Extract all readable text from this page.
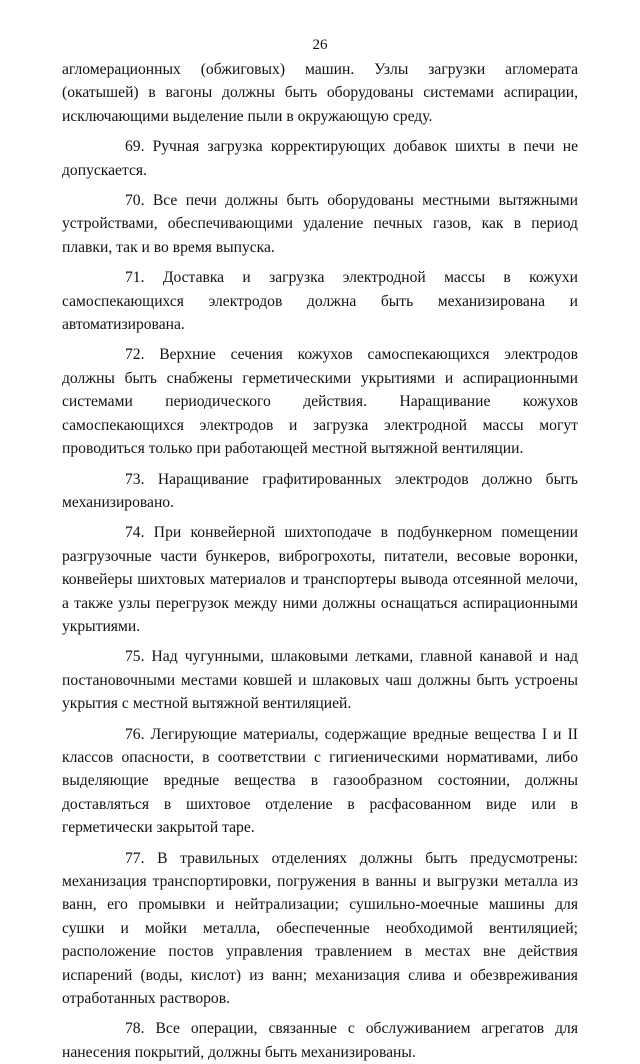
26
агломерационных (обжиговых) машин. Узлы загрузки агломерата (окатышей) в вагоны должны быть оборудованы системами аспирации, исключающими выделение пыли в окружающую среду.
69. Ручная загрузка корректирующих добавок шихты в печи не допускается.
70. Все печи должны быть оборудованы местными вытяжными устройствами, обеспечивающими удаление печных газов, как в период плавки, так и во время выпуска.
71. Доставка и загрузка электродной массы в кожухи самоспекающихся электродов должна быть механизирована и автоматизирована.
72. Верхние сечения кожухов самоспекающихся электродов должны быть снабжены герметическими укрытиями и аспирационными системами периодического действия. Наращивание кожухов самоспекающихся электродов и загрузка электродной массы могут проводиться только при работающей местной вытяжной вентиляции.
73. Наращивание графитированных электродов должно быть механизировано.
74. При конвейерной шихтоподаче в подбункерном помещении разгрузочные части бункеров, виброгрохоты, питатели, весовые воронки, конвейеры шихтовых материалов и транспортеры вывода отсеянной мелочи, а также узлы перегрузок между ними должны оснащаться аспирационными укрытиями.
75. Над чугунными, шлаковыми летками, главной канавой и над постановочными местами ковшей и шлаковых чаш должны быть устроены укрытия с местной вытяжной вентиляцией.
76. Легирующие материалы, содержащие вредные вещества I и II классов опасности, в соответствии с гигиеническими нормативами, либо выделяющие вредные вещества в газообразном состоянии, должны доставляться в шихтовое отделение в расфасованном виде или в герметически закрытой таре.
77. В травильных отделениях должны быть предусмотрены: механизация транспортировки, погружения в ванны и выгрузки металла из ванн, его промывки и нейтрализации; сушильно-моечные машины для сушки и мойки металла, обеспеченные необходимой вентиляцией; расположение постов управления травлением в местах вне действия испарений (воды, кислот) из ванн; механизация слива и обезвреживания отработанных растворов.
78. Все операции, связанные с обслуживанием агрегатов для нанесения покрытий, должны быть механизированы.
